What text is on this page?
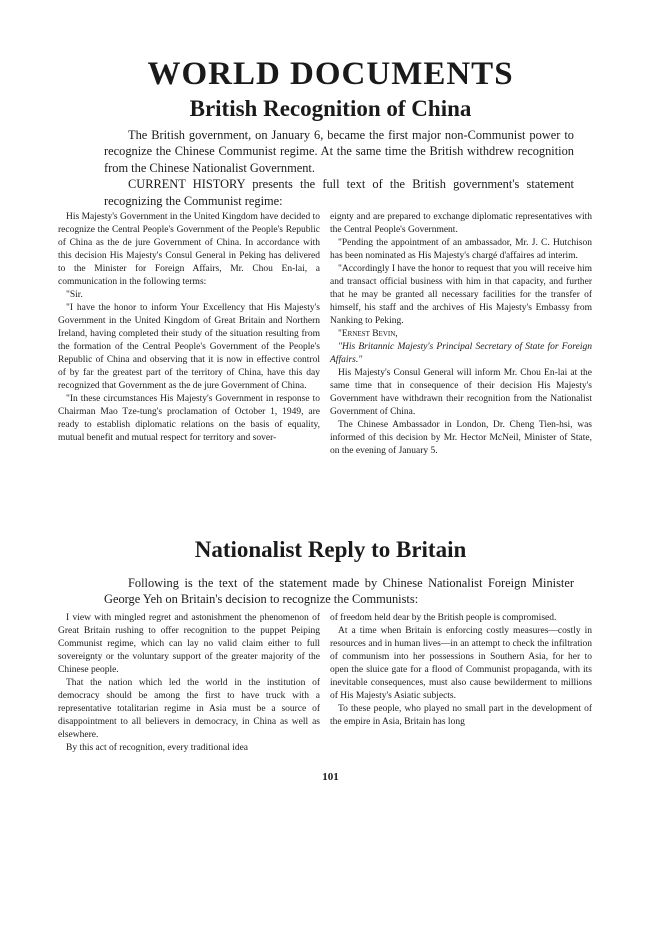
WORLD DOCUMENTS
British Recognition of China

The British government, on January 6, became the first major non-Communist power to recognize the Chinese Communist regime. At the same time the British withdrew recognition from the Chinese Nationalist Government.

CURRENT HISTORY presents the full text of the British government's statement recognizing the Communist regime:

His Majesty's Government in the United Kingdom have decided to recognize the Central People's Government of the People's Republic of China as the de jure Government of China. In accordance with this decision His Majesty's Consul General in Peking has delivered to the Minister for Foreign Affairs, Mr. Chou En-lai, a communication in the following terms:

"Sir.

"I have the honor to inform Your Excellency that His Majesty's Government in the United Kingdom of Great Britain and Northern Ireland, having completed their study of the situation resulting from the formation of the Central People's Government of the People's Republic of China and observing that it is now in effective control of by far the greatest part of the territory of China, have this day recognized that Government as the de jure Government of China.

"In these circumstances His Majesty's Government in response to Chairman Mao Tze-tung's proclamation of October 1, 1949, are ready to establish diplomatic relations on the basis of equality, mutual benefit and mutual respect for territory and sover-

eignty and are prepared to exchange diplomatic representatives with the Central People's Government.

"Pending the appointment of an ambassador, Mr. J. C. Hutchison has been nominated as His Majesty's chargé d'affaires ad interim.

"Accordingly I have the honor to request that you will receive him and transact official business with him in that capacity, and further that he may be granted all necessary facilities for the transfer of himself, his staff and the archives of His Majesty's Embassy from Nanking to Peking.

"Ernest Bevin,

"His Britannic Majesty's Principal Secretary of State for Foreign Affairs."

His Majesty's Consul General will inform Mr. Chou En-lai at the same time that in consequence of their decision His Majesty's Government have withdrawn their recognition from the Nationalist Government of China.

The Chinese Ambassador in London, Dr. Cheng Tien-hsi, was informed of this decision by Mr. Hector McNeil, Minister of State, on the evening of January 5.

Nationalist Reply to Britain

Following is the text of the statement made by Chinese Nationalist Foreign Minister George Yeh on Britain's decision to recognize the Communists:

I view with mingled regret and astonishment the phenomenon of Great Britain rushing to offer recognition to the puppet Peiping Communist regime, which can lay no valid claim either to full sovereignty or the voluntary support of the greater majority of the Chinese people.

That the nation which led the world in the institution of democracy should be among the first to have truck with a representative totalitarian regime in Asia must be a source of disappointment to all believers in democracy, in China as well as elsewhere.

By this act of recognition, every traditional idea

of freedom held dear by the British people is compromised.

At a time when Britain is enforcing costly measures—costly in resources and in human lives—in an attempt to check the infiltration of communism into her possessions in Southern Asia, for her to open the sluice gate for a flood of Communist propaganda, with its inevitable consequences, must also cause bewilderment to millions of His Majesty's Asiatic subjects.

To these people, who played no small part in the development of the empire in Asia, Britain has long

101
